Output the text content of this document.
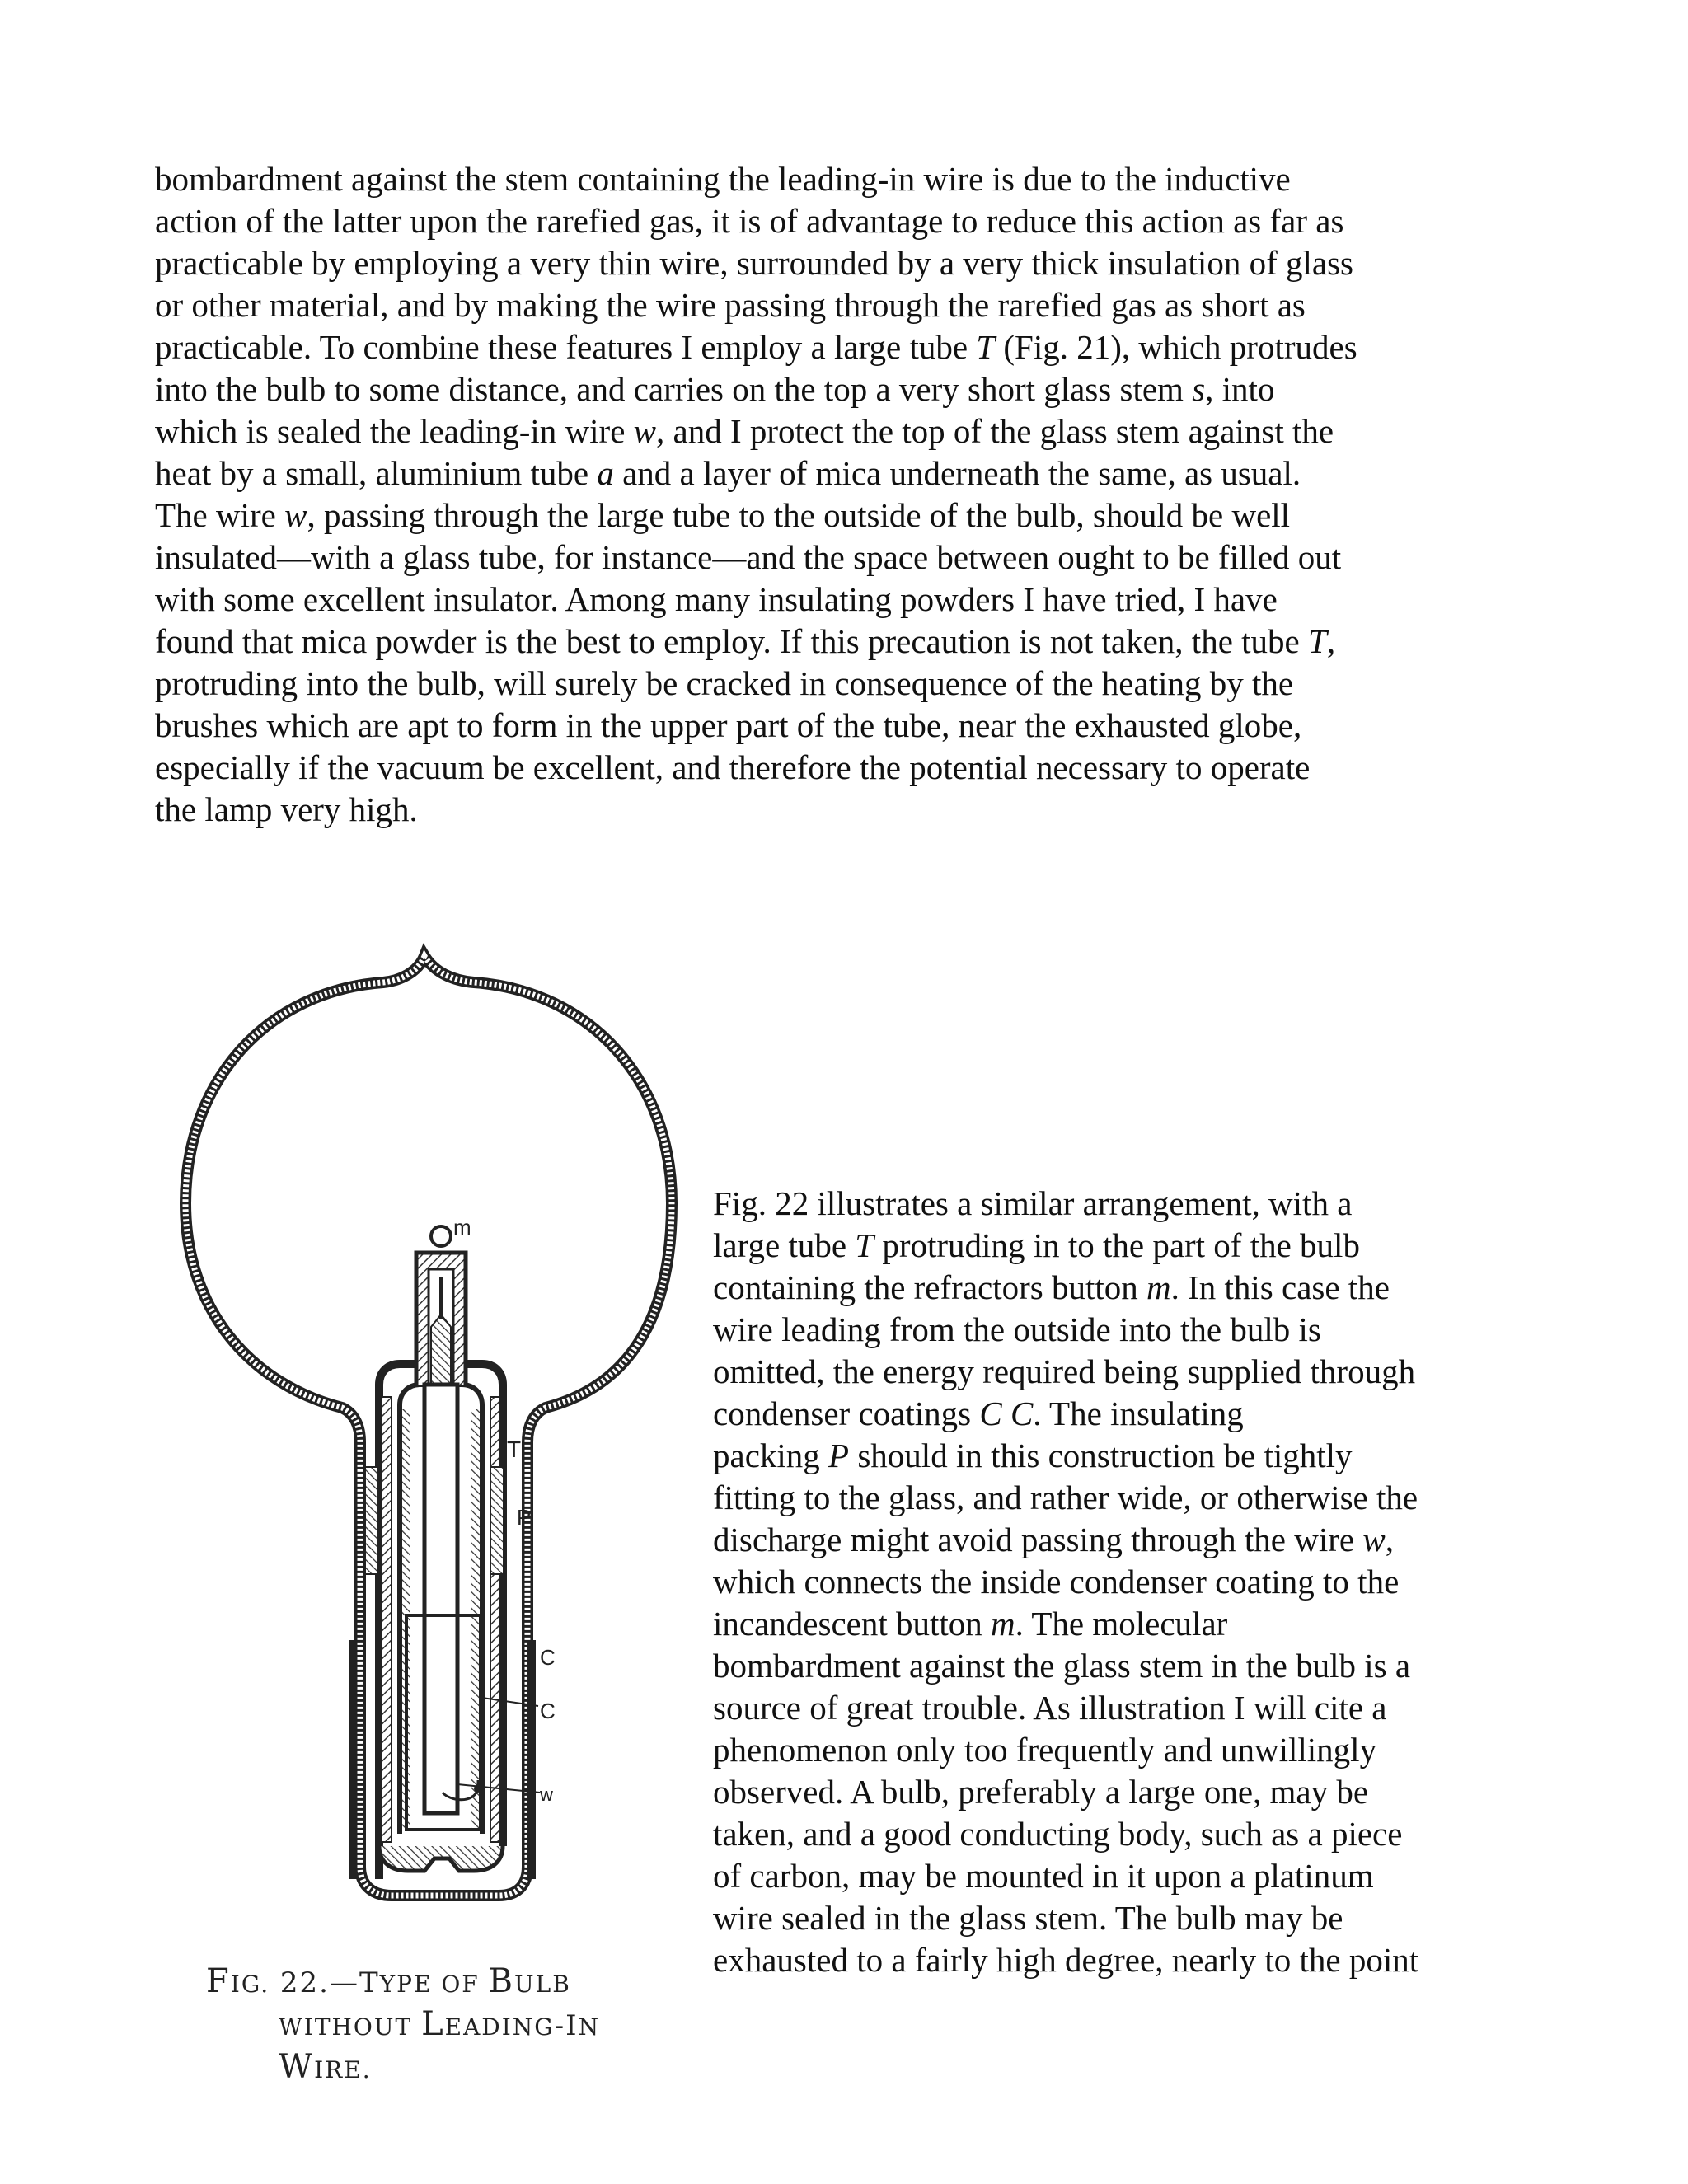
bombardment against the stem containing the leading-in wire is due to the inductive
action of the latter upon the rarefied gas, it is of advantage to reduce this action as far as
practicable by employing a very thin wire, surrounded by a very thick insulation of glass
or other material, and by making the wire passing through the rarefied gas as short as
practicable. To combine these features I employ a large tube T (Fig. 21), which protrudes
into the bulb to some distance, and carries on the top a very short glass stem s, into
which is sealed the leading-in wire w, and I protect the top of the glass stem against the
heat by a small, aluminium tube a and a layer of mica underneath the same, as usual.
The wire w, passing through the large tube to the outside of the bulb, should be well
insulated—with a glass tube, for instance—and the space between ought to be filled out
with some excellent insulator. Among many insulating powders I have tried, I have
found that mica powder is the best to employ. If this precaution is not taken, the tube T,
protruding into the bulb, will surely be cracked in consequence of the heating by the
brushes which are apt to form in the upper part of the tube, near the exhausted globe,
especially if the vacuum be excellent, and therefore the potential necessary to operate
the lamp very high.
m
T
P
C
C
w
FIG. 22.—TYPE OF BULB
WITHOUT LEADING-IN
WIRE.
Fig. 22 illustrates a similar arrangement, with a
large tube T protruding in to the part of the bulb
containing the refractors button m. In this case the
wire leading from the outside into the bulb is
omitted, the energy required being supplied through
condenser coatings C C. The insulating
packing P should in this construction be tightly
fitting to the glass, and rather wide, or otherwise the
discharge might avoid passing through the wire w,
which connects the inside condenser coating to the
incandescent button m. The molecular
bombardment against the glass stem in the bulb is a
source of great trouble. As illustration I will cite a
phenomenon only too frequently and unwillingly
observed. A bulb, preferably a large one, may be
taken, and a good conducting body, such as a piece
of carbon, may be mounted in it upon a platinum
wire sealed in the glass stem. The bulb may be
exhausted to a fairly high degree, nearly to the point
